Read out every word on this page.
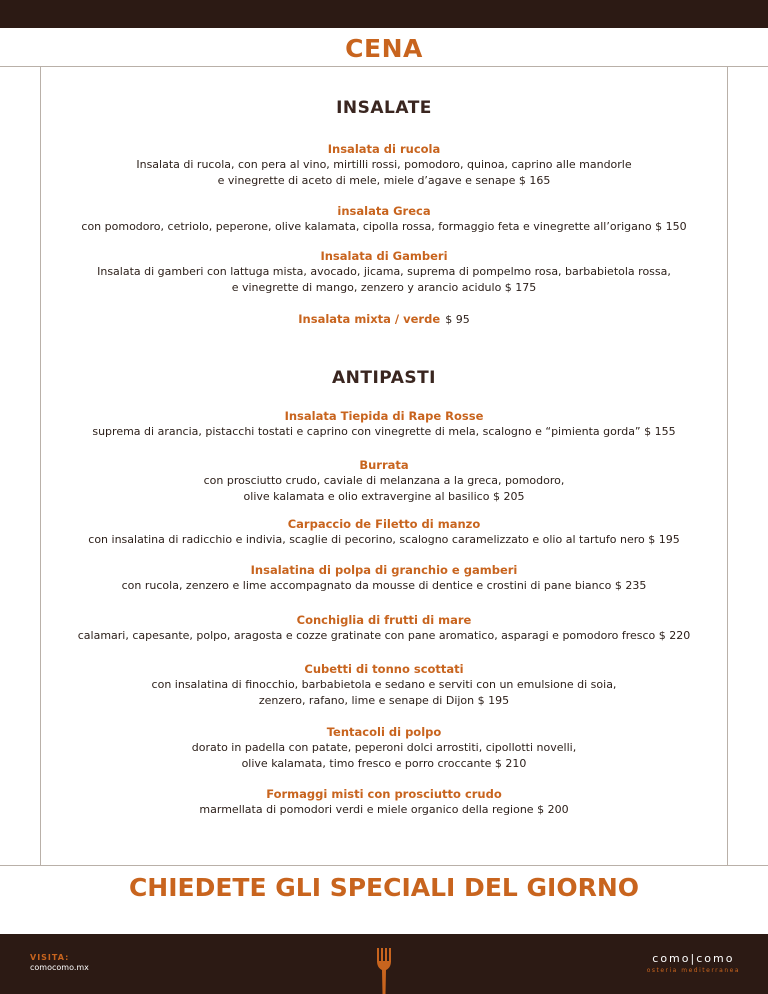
CENA
INSALATE
Insalata di rucola
Insalata di rucola, con pera al vino, mirtilli rossi, pomodoro, quinoa, caprino alle mandorle
e vinegrette di aceto di mele, miele d’agave e senape $ 165
insalata Greca
con pomodoro, cetriolo, peperone, olive kalamata, cipolla rossa, formaggio feta e vinegrette all’origano $ 150
Insalata di Gamberi
Insalata di gamberi con lattuga mista, avocado, jicama, suprema di pompelmo rosa, barbabietola rossa,
e vinegrette di mango, zenzero y arancio acidulo $ 175
Insalata mixta / verde $ 95
ANTIPASTI
Insalata Tiepida di Rape Rosse
suprema di arancia, pistacchi tostati e caprino con vinegrette di mela, scalogno e “pimienta gorda” $ 155
Burrata
con prosciutto crudo, caviale di melanzana a la greca, pomodoro,
olive kalamata e olio extravergine al basilico $ 205
Carpaccio de Filetto di manzo
con insalatina di radicchio e indivia, scaglie di pecorino, scalogno caramelizzato e olio al tartufo nero $ 195
Insalatina di polpa di granchio e gamberi
con rucola, zenzero e lime accompagnato da mousse di dentice e crostini di pane bianco $ 235
Conchiglia di frutti di mare
calamari, capesante, polpo, aragosta e cozze gratinate con pane aromatico, asparagi e pomodoro fresco $ 220
Cubetti di tonno scottati
con insalatina di finocchio, barbabietola e sedano e serviti con un emulsione di soia,
zenzero, rafano, lime e senape di Dijon $ 195
Tentacoli di polpo
dorato in padella con patate, peperoni dolci arrostiti, cipollotti novelli,
olive kalamata, timo fresco e porro croccante $ 210
Formaggi misti con prosciutto crudo
marmellata di pomodori verdi e miele organico della regione $ 200
CHIEDETE GLI SPECIALI DEL GIORNO
VISITA:
comocomo.mx
como|como
osteria mediterranea
